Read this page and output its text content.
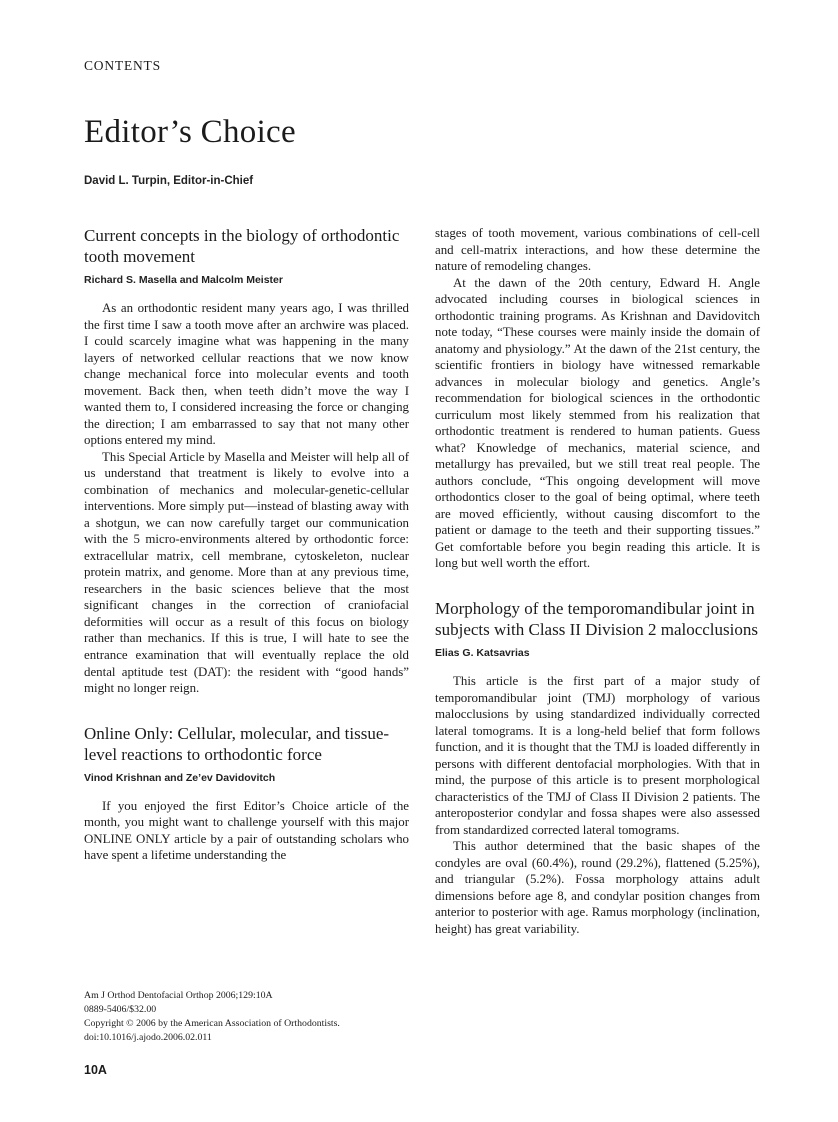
CONTENTS
Editor’s Choice
David L. Turpin, Editor-in-Chief
Current concepts in the biology of orthodontic tooth movement
Richard S. Masella and Malcolm Meister

As an orthodontic resident many years ago, I was thrilled the first time I saw a tooth move after an archwire was placed. I could scarcely imagine what was happening in the many layers of networked cellular reactions that we now know change mechanical force into molecular events and tooth movement. Back then, when teeth didn’t move the way I wanted them to, I considered increasing the force or changing the direction; I am embarrassed to say that not many other options entered my mind.

This Special Article by Masella and Meister will help all of us understand that treatment is likely to evolve into a combination of mechanics and molecular-genetic-cellular interventions. More simply put—instead of blasting away with a shotgun, we can now carefully target our communication with the 5 micro-environments altered by orthodontic force: extracellular matrix, cell membrane, cytoskeleton, nuclear protein matrix, and genome. More than at any previous time, researchers in the basic sciences believe that the most significant changes in the correction of craniofacial deformities will occur as a result of this focus on biology rather than mechanics. If this is true, I will hate to see the entrance examination that will eventually replace the old dental aptitude test (DAT): the resident with “good hands” might no longer reign.

Online Only: Cellular, molecular, and tissue-level reactions to orthodontic force
Vinod Krishnan and Ze’ev Davidovitch

If you enjoyed the first Editor’s Choice article of the month, you might want to challenge yourself with this major ONLINE ONLY article by a pair of outstanding scholars who have spent a lifetime understanding the

Am J Orthod Dentofacial Orthop 2006;129:10A
0889-5406/$32.00
Copyright © 2006 by the American Association of Orthodontists.
doi:10.1016/j.ajodo.2006.02.011

stages of tooth movement, various combinations of cell-cell and cell-matrix interactions, and how these determine the nature of remodeling changes.

At the dawn of the 20th century, Edward H. Angle advocated including courses in biological sciences in orthodontic training programs. As Krishnan and Davidovitch note today, “These courses were mainly inside the domain of anatomy and physiology.” At the dawn of the 21st century, the scientific frontiers in biology have witnessed remarkable advances in molecular biology and genetics. Angle’s recommendation for biological sciences in the orthodontic curriculum most likely stemmed from his realization that orthodontic treatment is rendered to human patients. Guess what? Knowledge of mechanics, material science, and metallurgy has prevailed, but we still treat real people. The authors conclude, “This ongoing development will move orthodontics closer to the goal of being optimal, where teeth are moved efficiently, without causing discomfort to the patient or damage to the teeth and their supporting tissues.” Get comfortable before you begin reading this article. It is long but well worth the effort.

Morphology of the temporomandibular joint in subjects with Class II Division 2 malocclusions
Elias G. Katsavrias

This article is the first part of a major study of temporomandibular joint (TMJ) morphology of various malocclusions by using standardized individually corrected lateral tomograms. It is a long-held belief that form follows function, and it is thought that the TMJ is loaded differently in persons with different dentofacial morphologies. With that in mind, the purpose of this article is to present morphological characteristics of the TMJ of Class II Division 2 patients. The anteroposterior condylar and fossa shapes were also assessed from standardized corrected lateral tomograms.

This author determined that the basic shapes of the condyles are oval (60.4%), round (29.2%), flattened (5.25%), and triangular (5.2%). Fossa morphology attains adult dimensions before age 8, and condylar position changes from anterior to posterior with age. Ramus morphology (inclination, height) has great variability.

10A
